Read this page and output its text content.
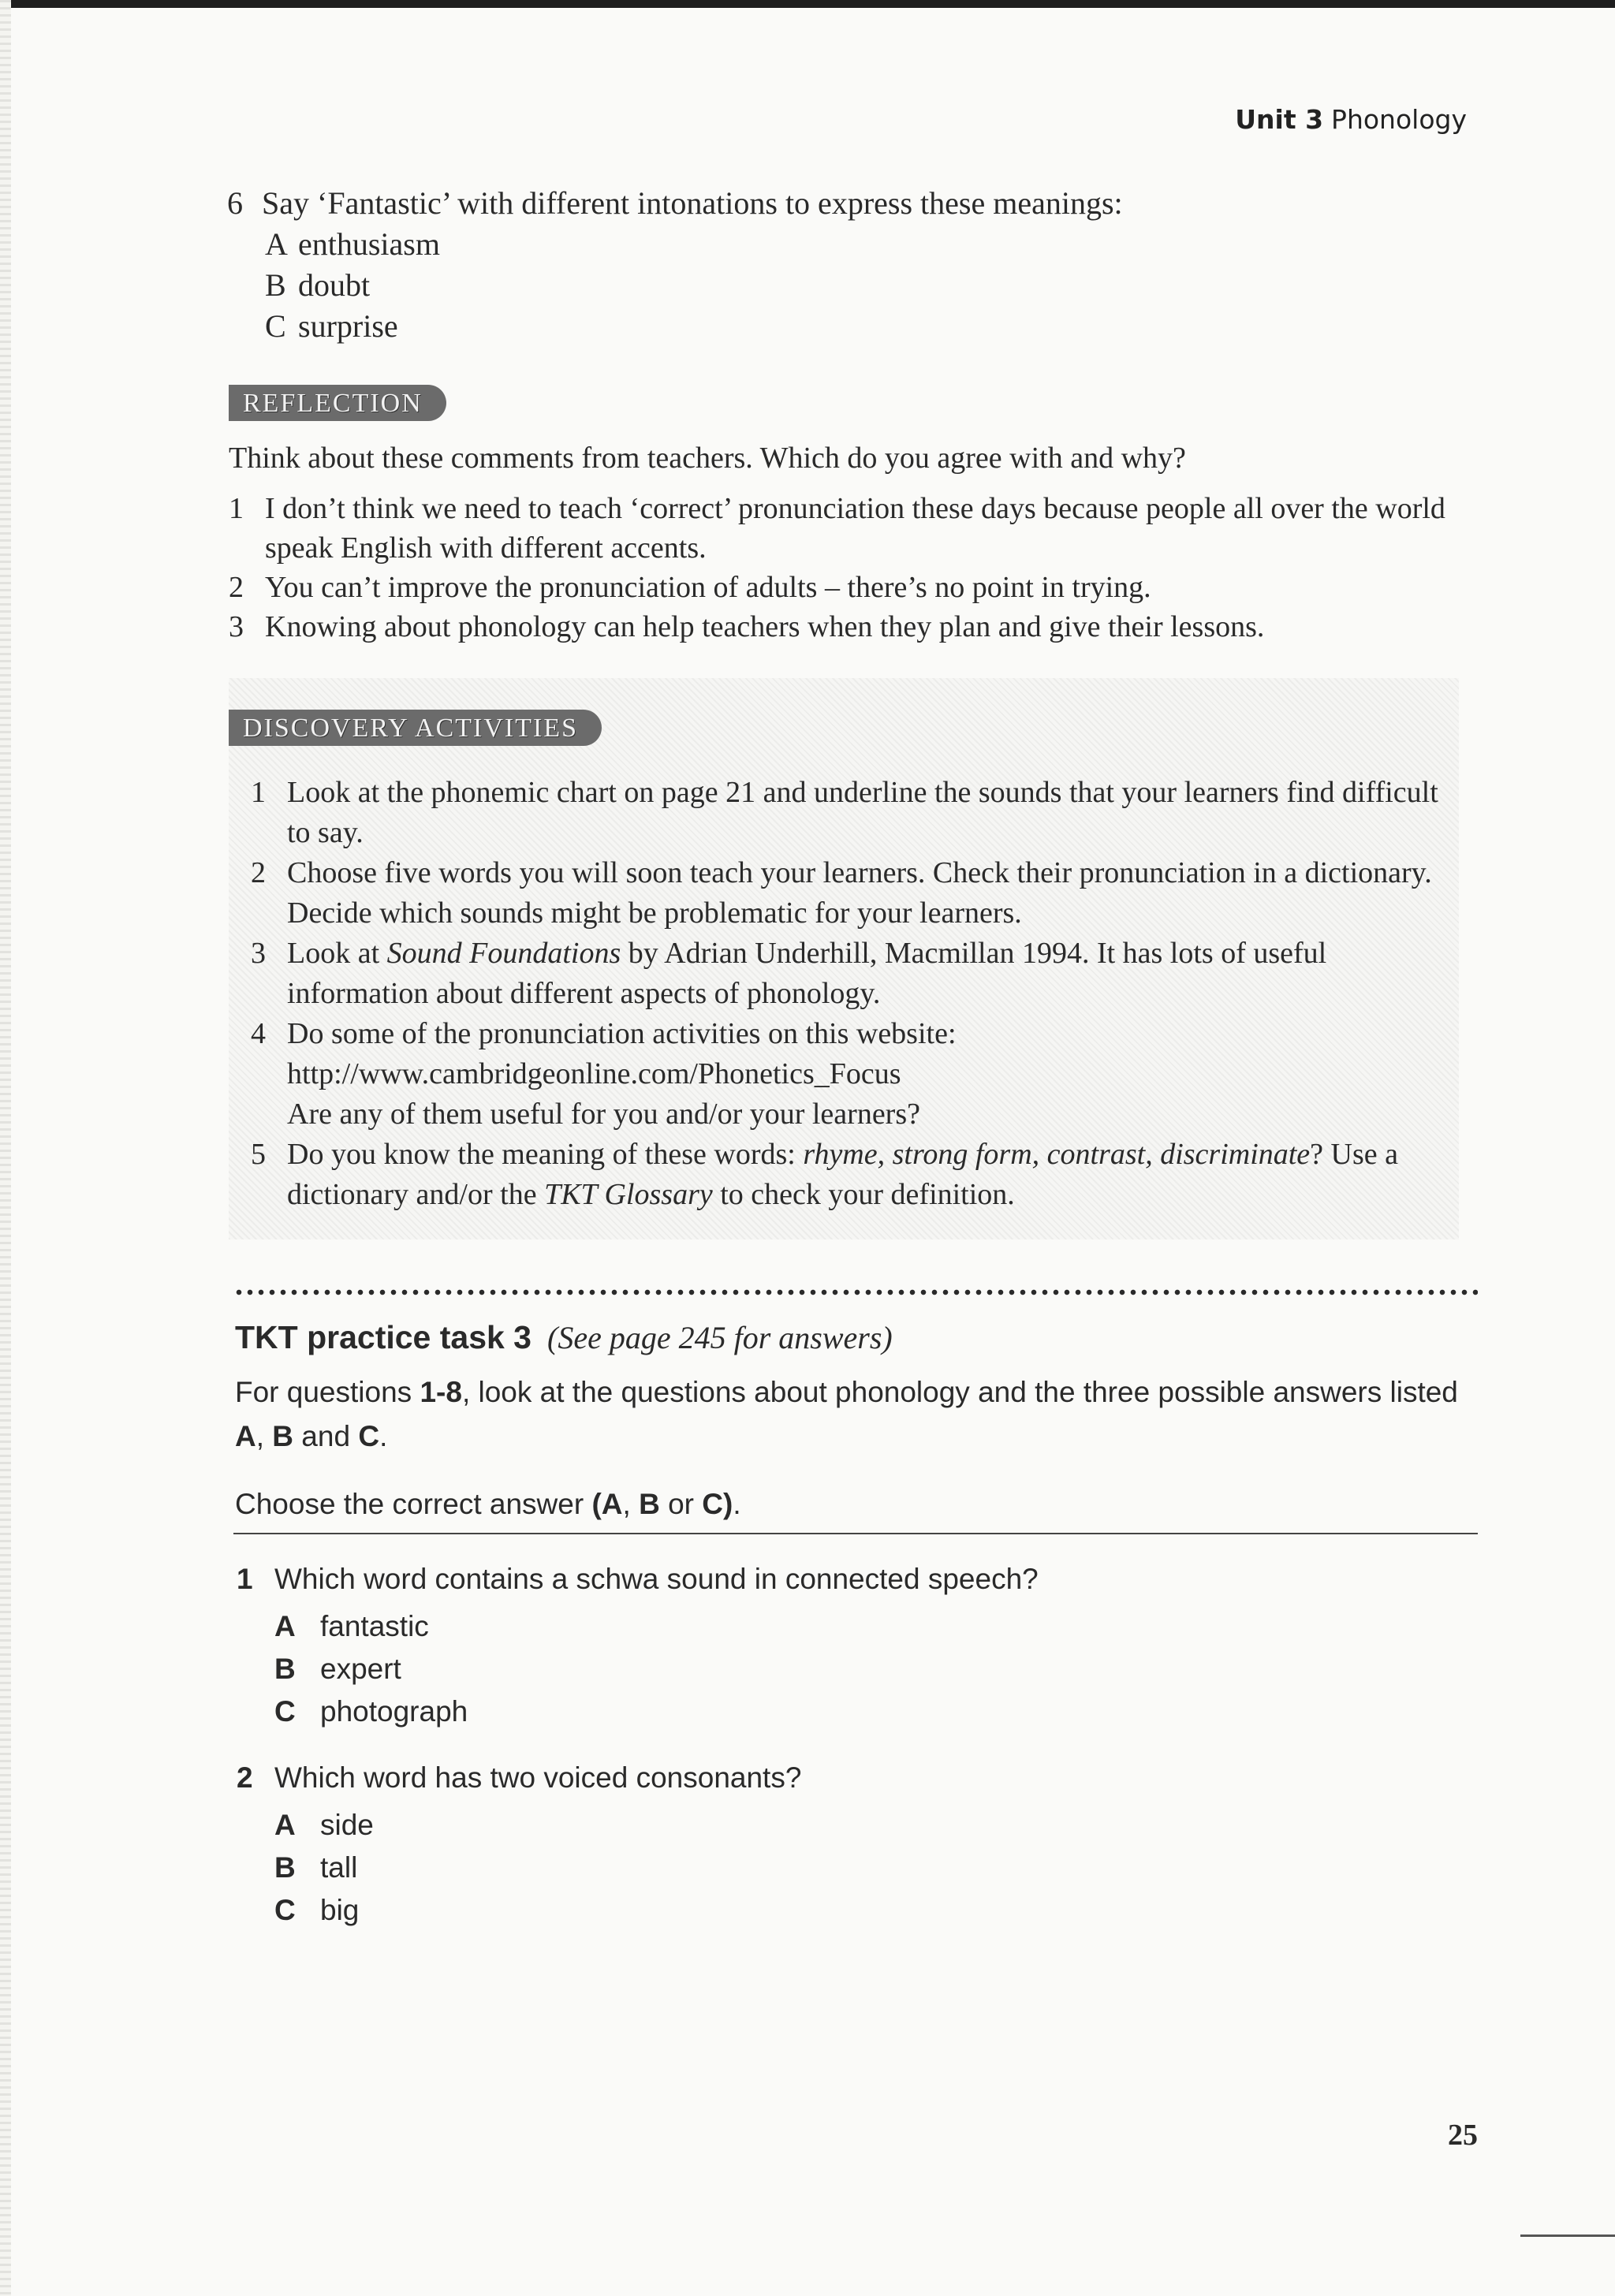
Unit 3 Phonology
6 Say ‘Fantastic’ with different intonations to express these meanings:
A enthusiasm
B doubt
C surprise
REFLECTION
Think about these comments from teachers. Which do you agree with and why?
1 I don’t think we need to teach ‘correct’ pronunciation these days because people all over the world speak English with different accents.
2 You can’t improve the pronunciation of adults – there’s no point in trying.
3 Knowing about phonology can help teachers when they plan and give their lessons.
DISCOVERY ACTIVITIES
1 Look at the phonemic chart on page 21 and underline the sounds that your learners find difficult to say.
2 Choose five words you will soon teach your learners. Check their pronunciation in a dictionary. Decide which sounds might be problematic for your learners.
3 Look at Sound Foundations by Adrian Underhill, Macmillan 1994. It has lots of useful information about different aspects of phonology.
4 Do some of the pronunciation activities on this website:
http://www.cambridgeonline.com/Phonetics_Focus
Are any of them useful for you and/or your learners?
5 Do you know the meaning of these words: rhyme, strong form, contrast, discriminate? Use a dictionary and/or the TKT Glossary to check your definition.
TKT practice task 3 (See page 245 for answers)
For questions 1-8, look at the questions about phonology and the three possible answers listed A, B and C.
Choose the correct answer (A, B or C).
1 Which word contains a schwa sound in connected speech?
A fantastic
B expert
C photograph
2 Which word has two voiced consonants?
A side
B tall
C big
25
